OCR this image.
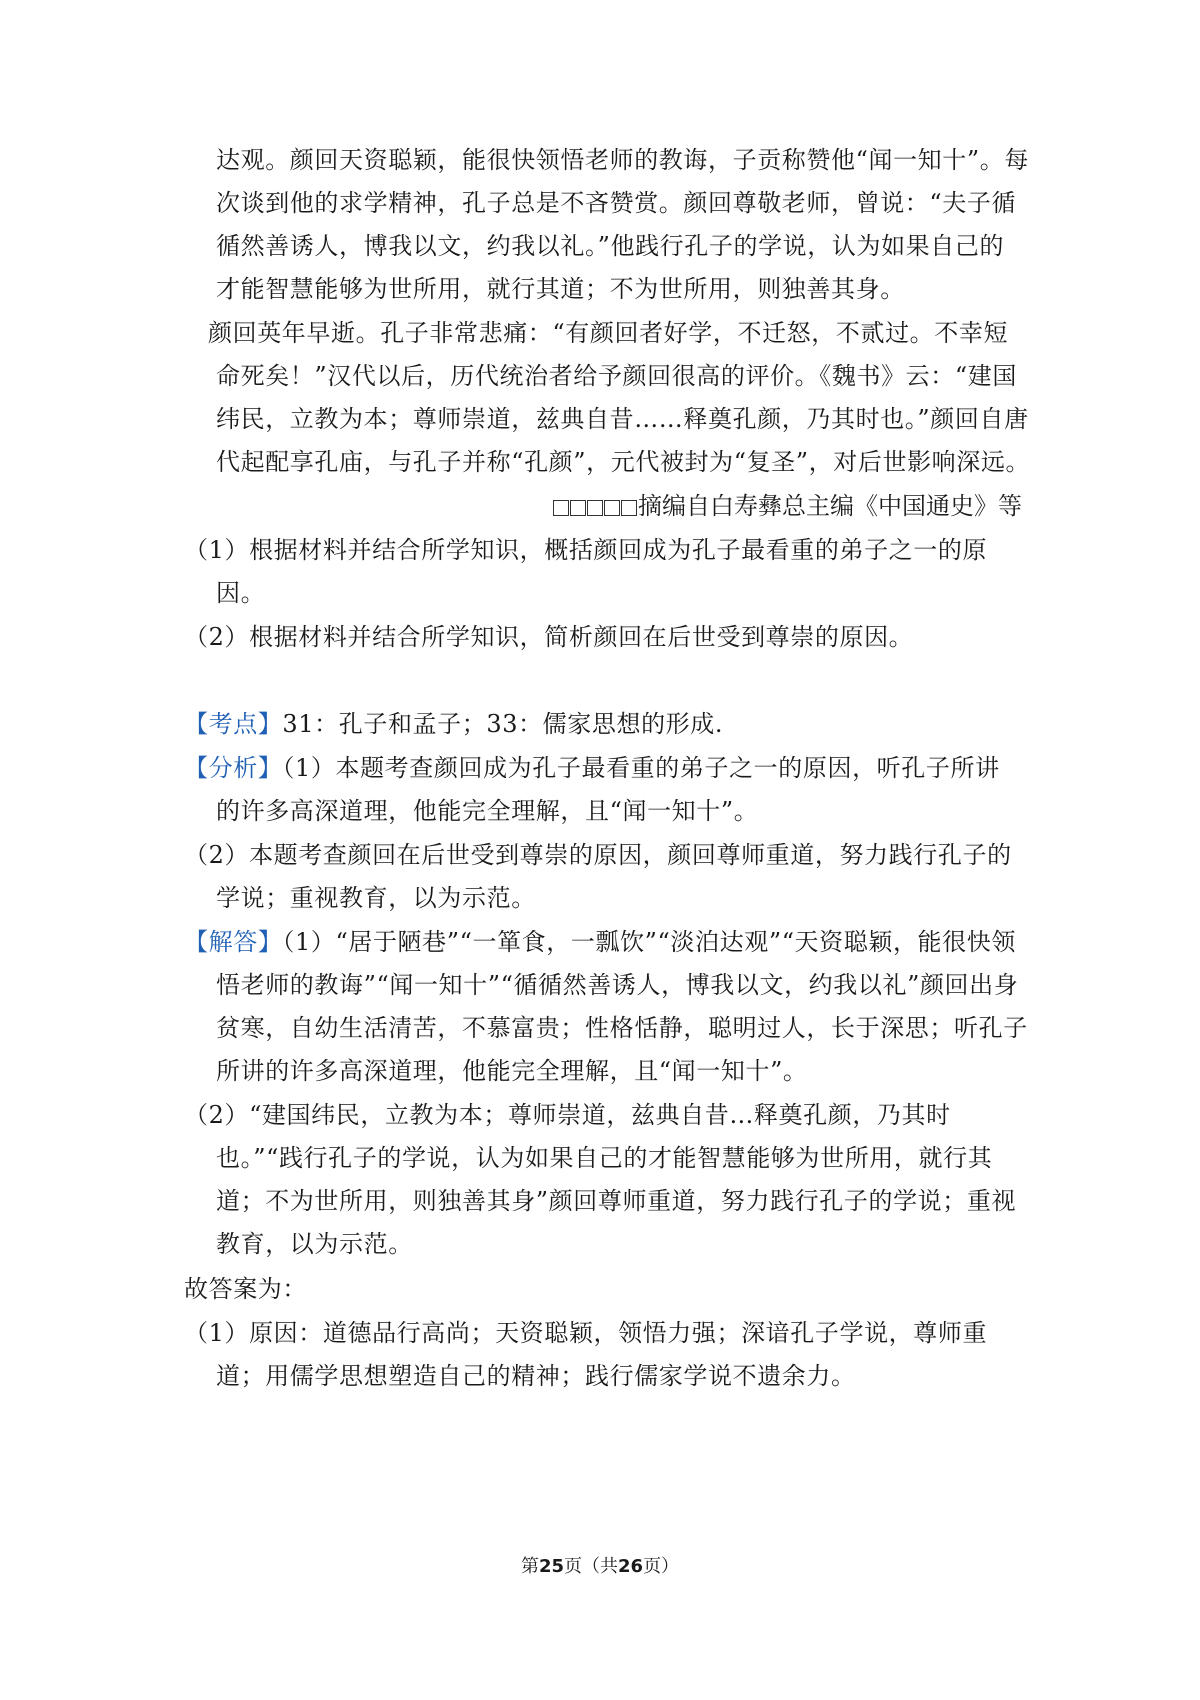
达观。颜回天资聪颖，能很快领悟老师的教诲，子贡称赞他“闻一知十”。每
次谈到他的求学精神，孔子总是不吝赞赏。颜回尊敬老师，曾说：“夫子循
循然善诱人，博我以文，约我以礼。”他践行孔子的学说，认为如果自己的
才能智慧能够为世所用，就行其道；不为世所用，则独善其身。
颜回英年早逝。孔子非常悲痛：“有颜回者好学，不迁怒，不贰过。不幸短
命死矣！”汉代以后，历代统治者给予颜回很高的评价。《魏书》云：“建国
纬民，立教为本；尊师崇道，兹典自昔……释奠孔颜，乃其时也。”颜回自唐
代起配享孔庙，与孔子并称“孔颜”，元代被封为“复圣”，对后世影响深远。
摘编自白寿彝总主编《中国通史》等
（1）根据材料并结合所学知识，概括颜回成为孔子最看重的弟子之一的原
因。
（2）根据材料并结合所学知识，简析颜回在后世受到尊崇的原因。
【考点】31：孔子和孟子；33：儒家思想的形成.
【分析】（1）本题考查颜回成为孔子最看重的弟子之一的原因，听孔子所讲
的许多高深道理，他能完全理解，且“闻一知十”。
（2）本题考查颜回在后世受到尊崇的原因，颜回尊师重道，努力践行孔子的
学说；重视教育，以为示范。
【解答】（1）“居于陋巷”“一箪食，一瓢饮”“淡泊达观”“天资聪颖，能很快领
悟老师的教诲”“闻一知十”“循循然善诱人，博我以文，约我以礼”颜回出身
贫寒，自幼生活清苦，不慕富贵；性格恬静，聪明过人，长于深思；听孔子
所讲的许多高深道理，他能完全理解，且“闻一知十”。
（2）“建国纬民，立教为本；尊师崇道，兹典自昔…释奠孔颜，乃其时
也。”“践行孔子的学说，认为如果自己的才能智慧能够为世所用，就行其
道；不为世所用，则独善其身”颜回尊师重道，努力践行孔子的学说；重视
教育，以为示范。
故答案为：
（1）原因：道德品行高尚；天资聪颖，领悟力强；深谙孔子学说，尊师重
道；用儒学思想塑造自己的精神；践行儒家学说不遗余力。
第25页（共26页）
